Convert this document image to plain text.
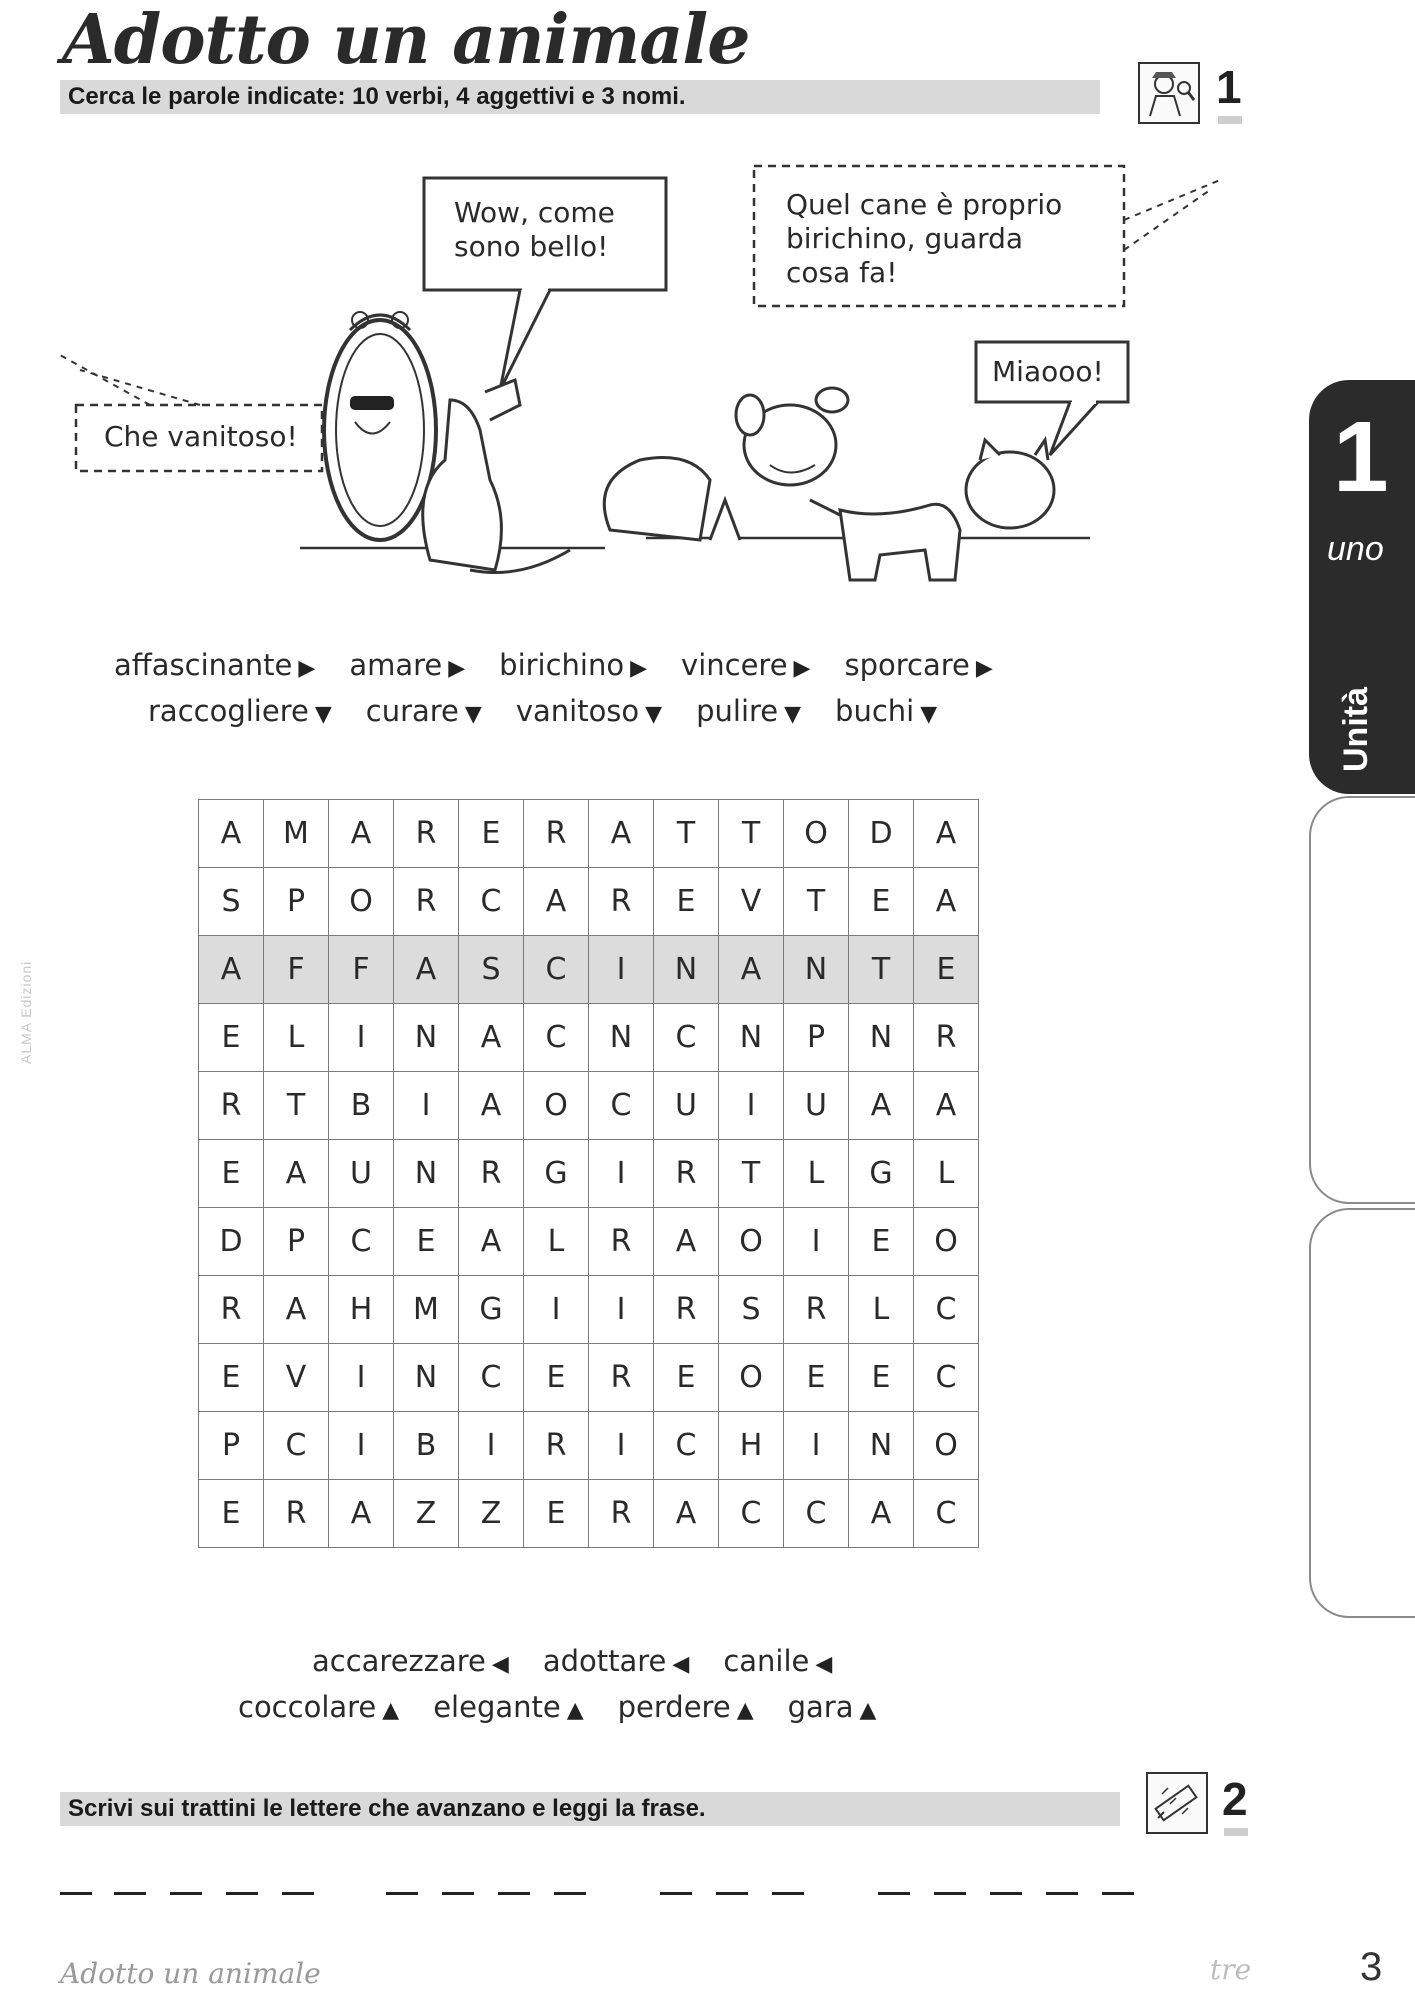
Adotto un animale
Cerca le parole indicate: 10 verbi, 4 aggettivi e 3 nomi.	1
Wow, come sono bello!
Che vanitoso!
Quel cane è proprio birichino, guarda cosa fa!
Miaooo!
affascinante ▶ amare ▶ birichino ▶ vincere ▶ sporcare ▶
raccogliere ▼ curare ▼ vanitoso ▼ pulire ▼ buchi ▼
A	M	A	R	E	R	A	T	T	O	D	A
S	P	O	R	C	A	R	E	V	T	E	A
A	F	F	A	S	C	I	N	A	N	T	E
E	L	I	N	A	C	N	C	N	P	N	R
R	T	B	I	A	O	C	U	I	U	A	A
E	A	U	N	R	G	I	R	T	L	G	L
D	P	C	E	A	L	R	A	O	I	E	O
R	A	H	M	G	I	I	R	S	R	L	C
E	V	I	N	C	E	R	E	O	E	E	C
P	C	I	B	I	R	I	C	H	I	N	O
E	R	A	Z	Z	E	R	A	C	C	A	C
accarezzare ◀ adottare ◀ canile ◀
coccolare ▲ elegante ▲ perdere ▲ gara ▲
Scrivi sui trattini le lettere che avanzano e leggi la frase.	2
1
uno
Unità
ALMA Edizioni
Adotto un animale	tre	3
